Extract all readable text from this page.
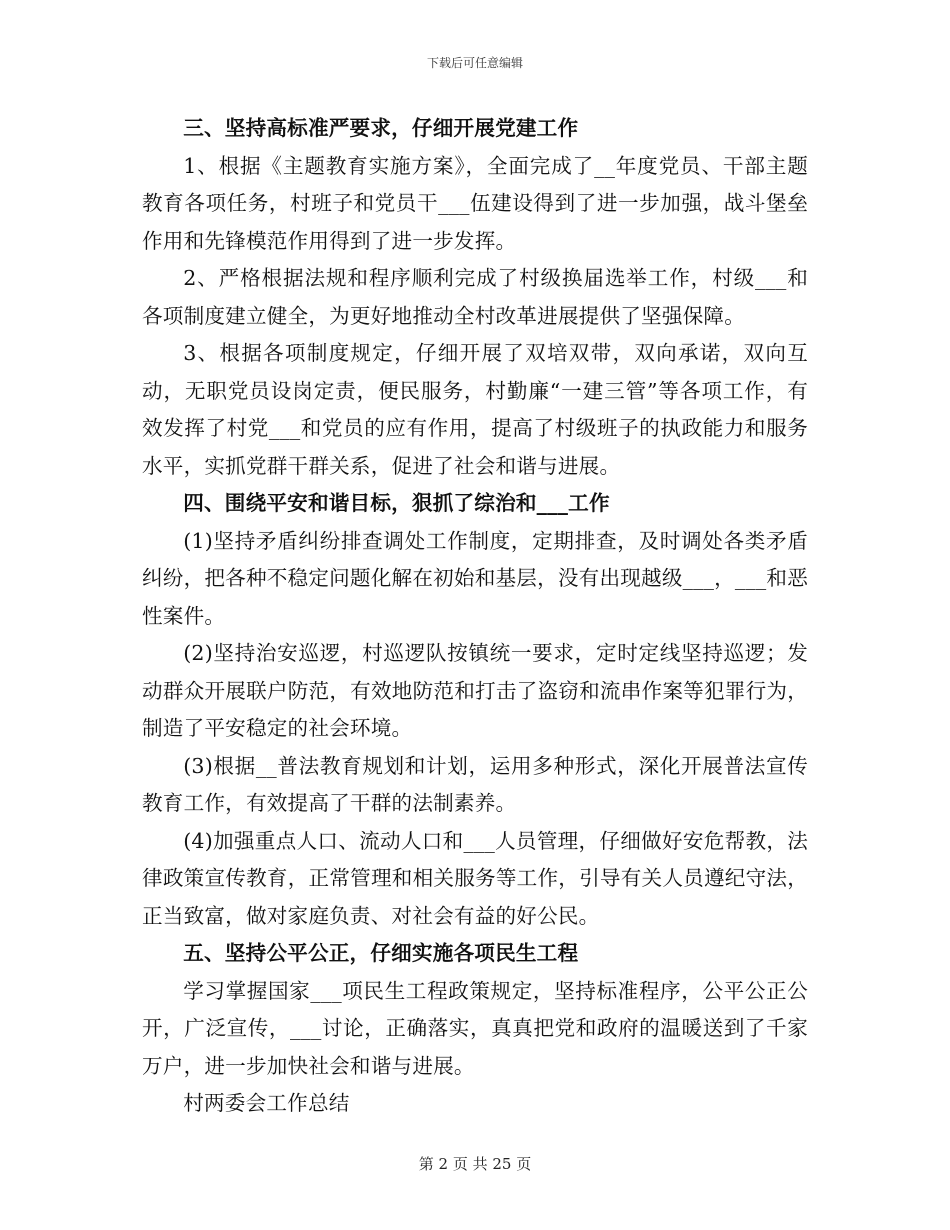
下载后可任意编辑

三、坚持高标准严要求，仔细开展党建工作

1、根据《主题教育实施方案》，全面完成了__年度党员、干部主题教育各项任务，村班子和党员干___伍建设得到了进一步加强，战斗堡垒作用和先锋模范作用得到了进一步发挥。

2、严格根据法规和程序顺利完成了村级换届选举工作，村级___和各项制度建立健全，为更好地推动全村改革进展提供了坚强保障。

3、根据各项制度规定，仔细开展了双培双带，双向承诺，双向互动，无职党员设岗定责，便民服务，村勤廉“一建三管”等各项工作，有效发挥了村党___和党员的应有作用，提高了村级班子的执政能力和服务水平，实抓党群干群关系，促进了社会和谐与进展。

四、围绕平安和谐目标，狠抓了综治和___工作

(1)坚持矛盾纠纷排查调处工作制度，定期排查，及时调处各类矛盾纠纷，把各种不稳定问题化解在初始和基层，没有出现越级___，___和恶性案件。

(2)坚持治安巡逻，村巡逻队按镇统一要求，定时定线坚持巡逻；发动群众开展联户防范，有效地防范和打击了盗窃和流串作案等犯罪行为，制造了平安稳定的社会环境。

(3)根据__普法教育规划和计划，运用多种形式，深化开展普法宣传教育工作，有效提高了干群的法制素养。

(4)加强重点人口、流动人口和___人员管理，仔细做好安危帮教，法律政策宣传教育，正常管理和相关服务等工作，引导有关人员遵纪守法，正当致富，做对家庭负责、对社会有益的好公民。

五、坚持公平公正，仔细实施各项民生工程

学习掌握国家___项民生工程政策规定，坚持标准程序，公平公正公开，广泛宣传，___讨论，正确落实，真真把党和政府的温暖送到了千家万户，进一步加快社会和谐与进展。

村两委会工作总结

第 2 页 共 25 页
